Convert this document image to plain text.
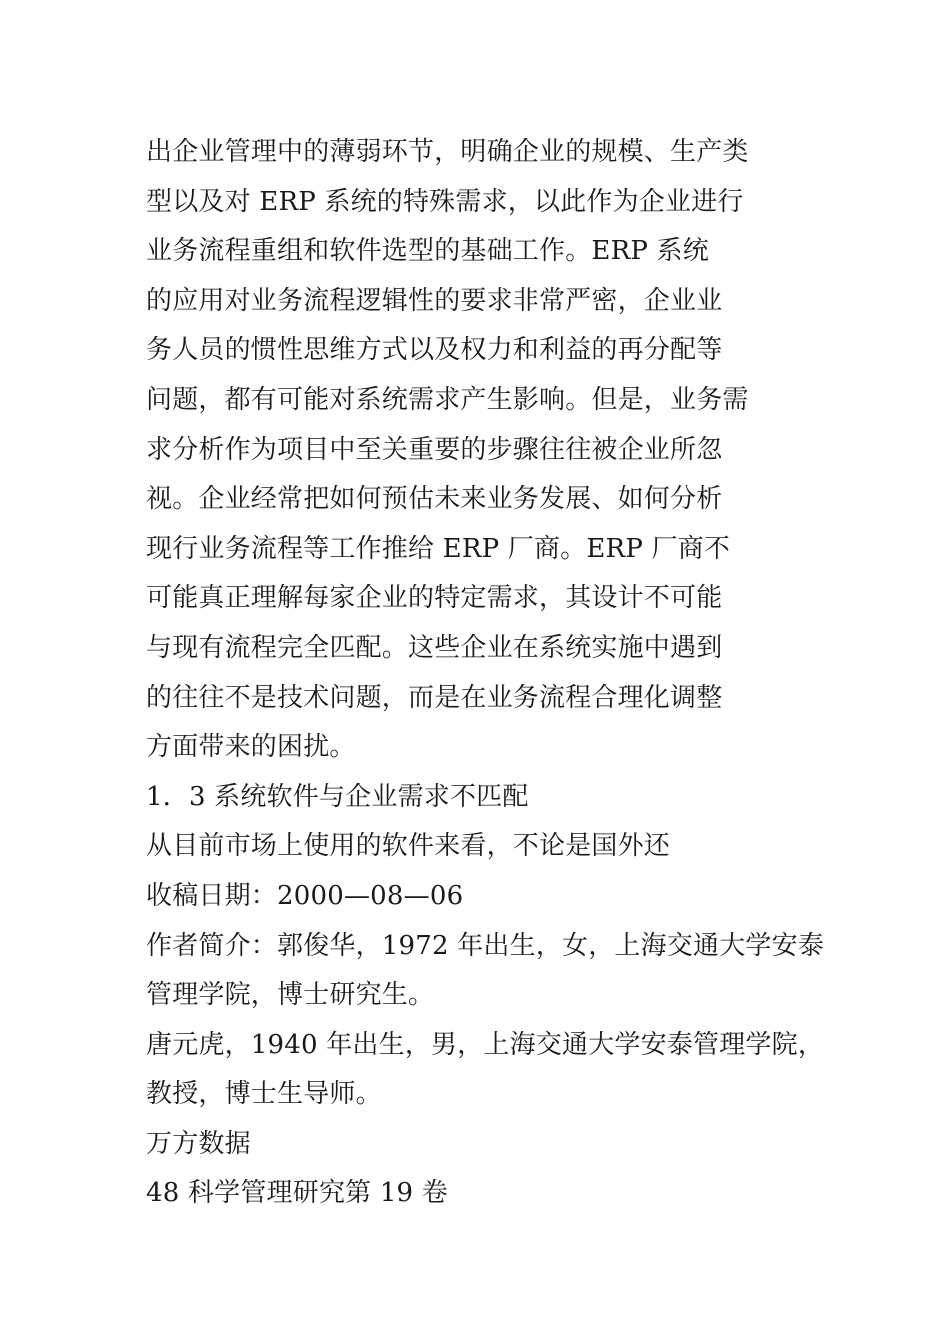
出企业管理中的薄弱环节，明确企业的规模、生产类
型以及对 ERP 系统的特殊需求，以此作为企业进行
业务流程重组和软件选型的基础工作。ERP 系统
的应用对业务流程逻辑性的要求非常严密，企业业
务人员的惯性思维方式以及权力和利益的再分配等
问题，都有可能对系统需求产生影响。但是，业务需
求分析作为项目中至关重要的步骤往往被企业所忽
视。企业经常把如何预估未来业务发展、如何分析
现行业务流程等工作推给 ERP 厂商。ERP 厂商不
可能真正理解每家企业的特定需求，其设计不可能
与现有流程完全匹配。这些企业在系统实施中遇到
的往往不是技术问题，而是在业务流程合理化调整
方面带来的困扰。
1．3 系统软件与企业需求不匹配
从目前市场上使用的软件来看，不论是国外还
收稿日期：2000—08—06
作者简介：郭俊华，1972 年出生，女，上海交通大学安泰
管理学院，博士研究生。
唐元虎，1940 年出生，男，上海交通大学安泰管理学院，
教授，博士生导师。
万方数据
48 科学管理研究第 19 卷
